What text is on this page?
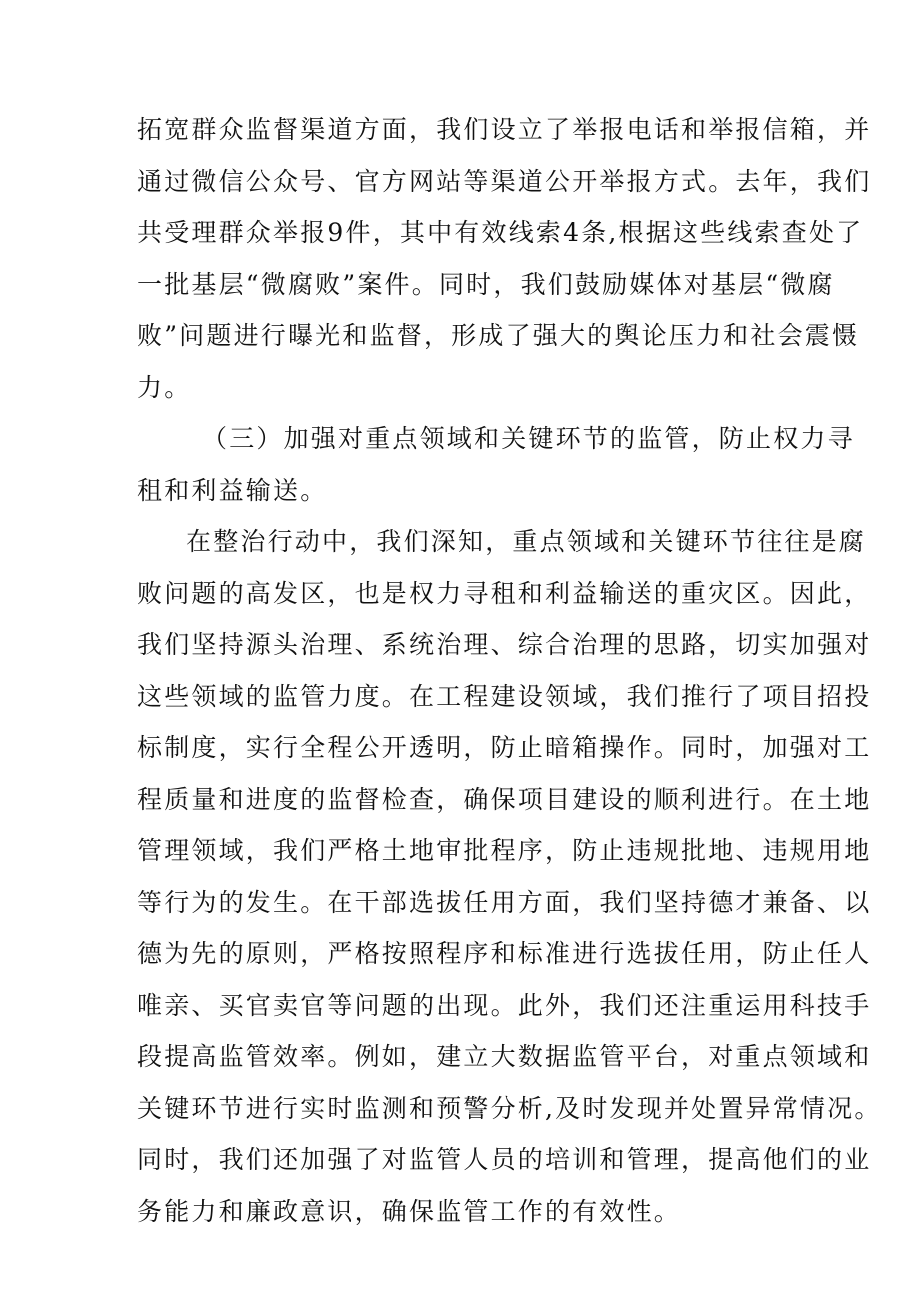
拓宽群众监督渠道方面，我们设立了举报电话和举报信箱，并
通过微信公众号、官方网站等渠道公开举报方式。去年，我们
共受理群众举报9件，其中有效线索4条,根据这些线索查处了
一批基层“微腐败”案件。同时，我们鼓励媒体对基层“微腐
败”问题进行曝光和监督，形成了强大的舆论压力和社会震慑
力。
（三）加强对重点领域和关键环节的监管，防止权力寻
租和利益输送。
在整治行动中，我们深知，重点领域和关键环节往往是腐
败问题的高发区，也是权力寻租和利益输送的重灾区。因此，
我们坚持源头治理、系统治理、综合治理的思路，切实加强对
这些领域的监管力度。在工程建设领域，我们推行了项目招投
标制度，实行全程公开透明，防止暗箱操作。同时，加强对工
程质量和进度的监督检查，确保项目建设的顺利进行。在土地
管理领域，我们严格土地审批程序，防止违规批地、违规用地
等行为的发生。在干部选拔任用方面，我们坚持德才兼备、以
德为先的原则，严格按照程序和标准进行选拔任用，防止任人
唯亲、买官卖官等问题的出现。此外，我们还注重运用科技手
段提高监管效率。例如，建立大数据监管平台，对重点领域和
关键环节进行实时监测和预警分析,及时发现并处置异常情况。
同时，我们还加强了对监管人员的培训和管理，提高他们的业
务能力和廉政意识，确保监管工作的有效性。
